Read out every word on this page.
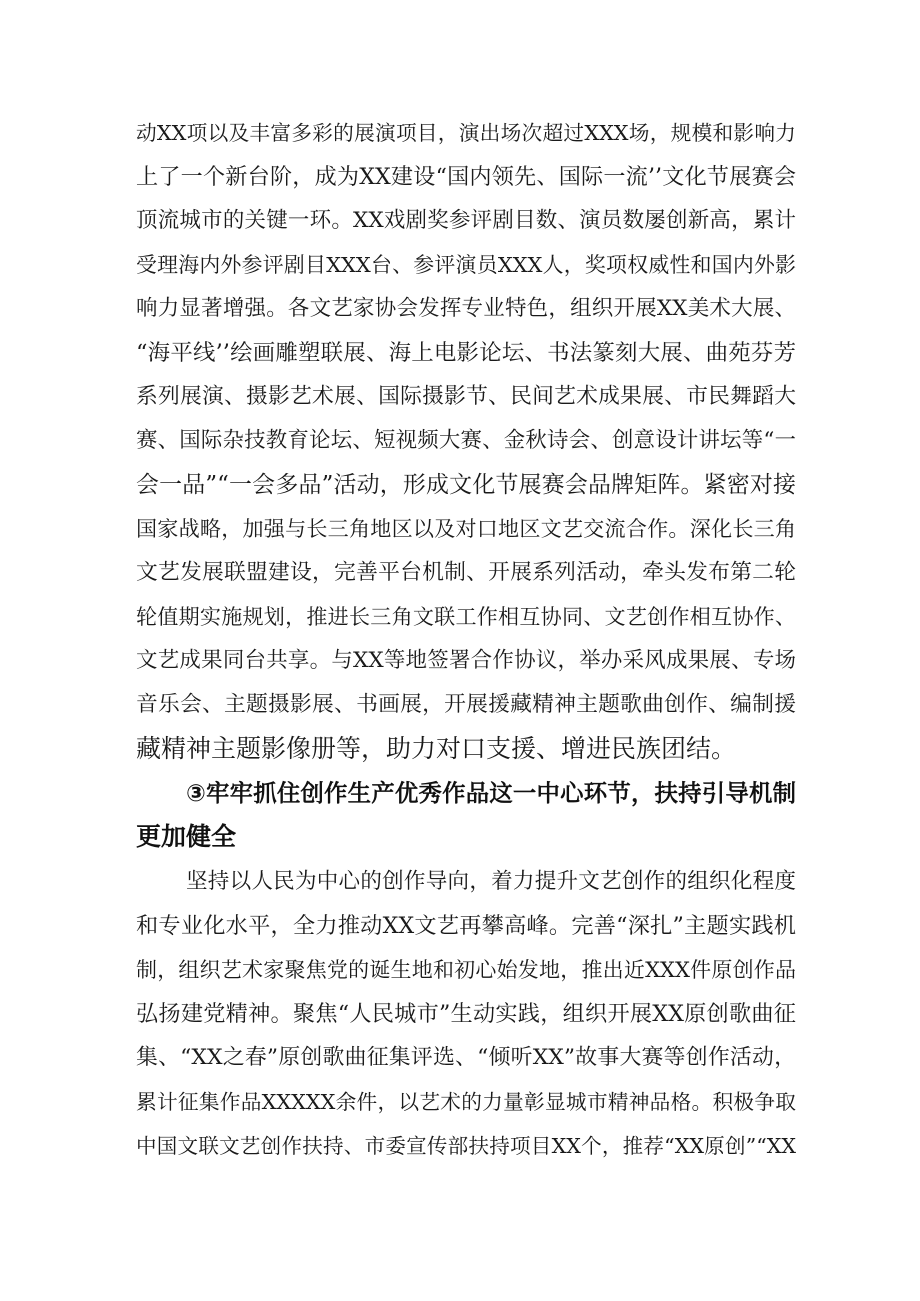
动XX项以及丰富多彩的展演项目，演出场次超过XXX场，规模和影响力
上了一个新台阶，成为XX建设“国内领先、国际一流’’文化节展赛会
顶流城市的关键一环。XX戏剧奖参评剧目数、演员数屡创新高，累计
受理海内外参评剧目XXX台、参评演员XXX人，奖项权威性和国内外影
响力显著增强。各文艺家协会发挥专业特色，组织开展XX美术大展、
“海平线’’绘画雕塑联展、海上电影论坛、书法篆刻大展、曲苑芬芳
系列展演、摄影艺术展、国际摄影节、民间艺术成果展、市民舞蹈大
赛、国际杂技教育论坛、短视频大赛、金秋诗会、创意设计讲坛等“一
会一品”“一会多品”活动，形成文化节展赛会品牌矩阵。紧密对接
国家战略，加强与长三角地区以及对口地区文艺交流合作。深化长三角
文艺发展联盟建设，完善平台机制、开展系列活动，牵头发布第二轮
轮值期实施规划，推进长三角文联工作相互协同、文艺创作相互协作、
文艺成果同台共享。与XX等地签署合作协议，举办采风成果展、专场
音乐会、主题摄影展、书画展，开展援藏精神主题歌曲创作、编制援
藏精神主题影像册等，助力对口支援、增进民族团结。
③牢牢抓住创作生产优秀作品这一中心环节，扶持引导机制
更加健全
坚持以人民为中心的创作导向，着力提升文艺创作的组织化程度
和专业化水平，全力推动XX文艺再攀高峰。完善“深扎”主题实践机
制，组织艺术家聚焦党的诞生地和初心始发地，推出近XXX件原创作品
弘扬建党精神。聚焦“人民城市”生动实践，组织开展XX原创歌曲征
集、“XX之春”原创歌曲征集评选、“倾听XX”故事大赛等创作活动，
累计征集作品XXXXX余件，以艺术的力量彰显城市精神品格。积极争取
中国文联文艺创作扶持、市委宣传部扶持项目XX个，推荐“XX原创”“XX
